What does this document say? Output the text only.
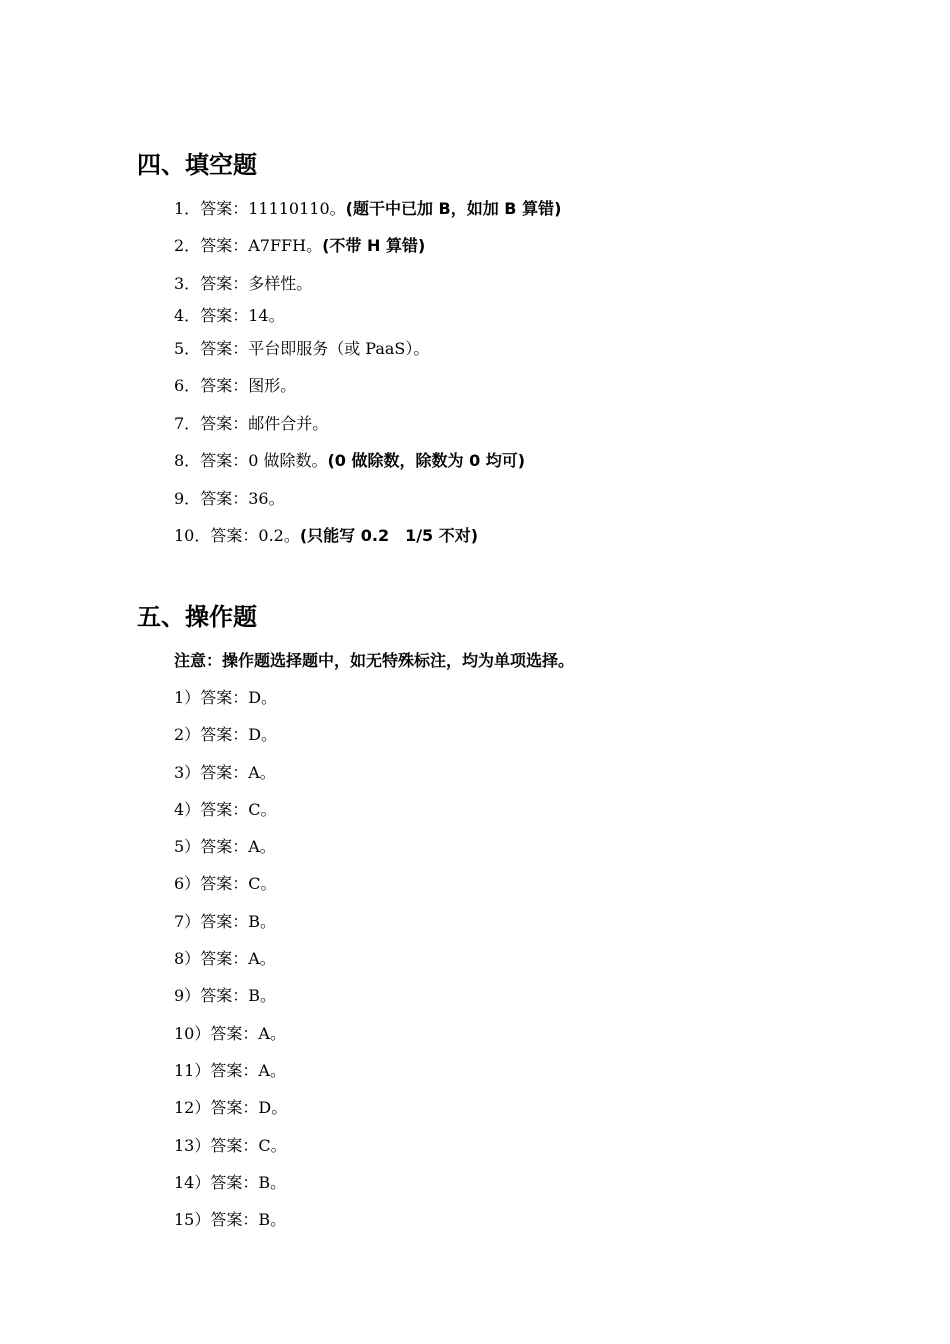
四、填空题

1．答案：11110110。(题干中已加 B，如加 B 算错)

2．答案：A7FFH。(不带 H 算错)

3．答案：多样性。

4．答案：14。

5．答案：平台即服务（或 PaaS）。

6．答案：图形。

7．答案：邮件合并。

8．答案：0 做除数。(0 做除数，除数为 0 均可)

9．答案：36。

10．答案：0.2。(只能写 0.2　1/5 不对)

五、操作题

注意：操作题选择题中，如无特殊标注，均为单项选择。

1）答案：D。

2）答案：D。

3）答案：A。

4）答案：C。

5）答案：A。

6）答案：C。

7）答案：B。

8）答案：A。

9）答案：B。

10）答案：A。

11）答案：A。

12）答案：D。

13）答案：C。

14）答案：B。

15）答案：B。
